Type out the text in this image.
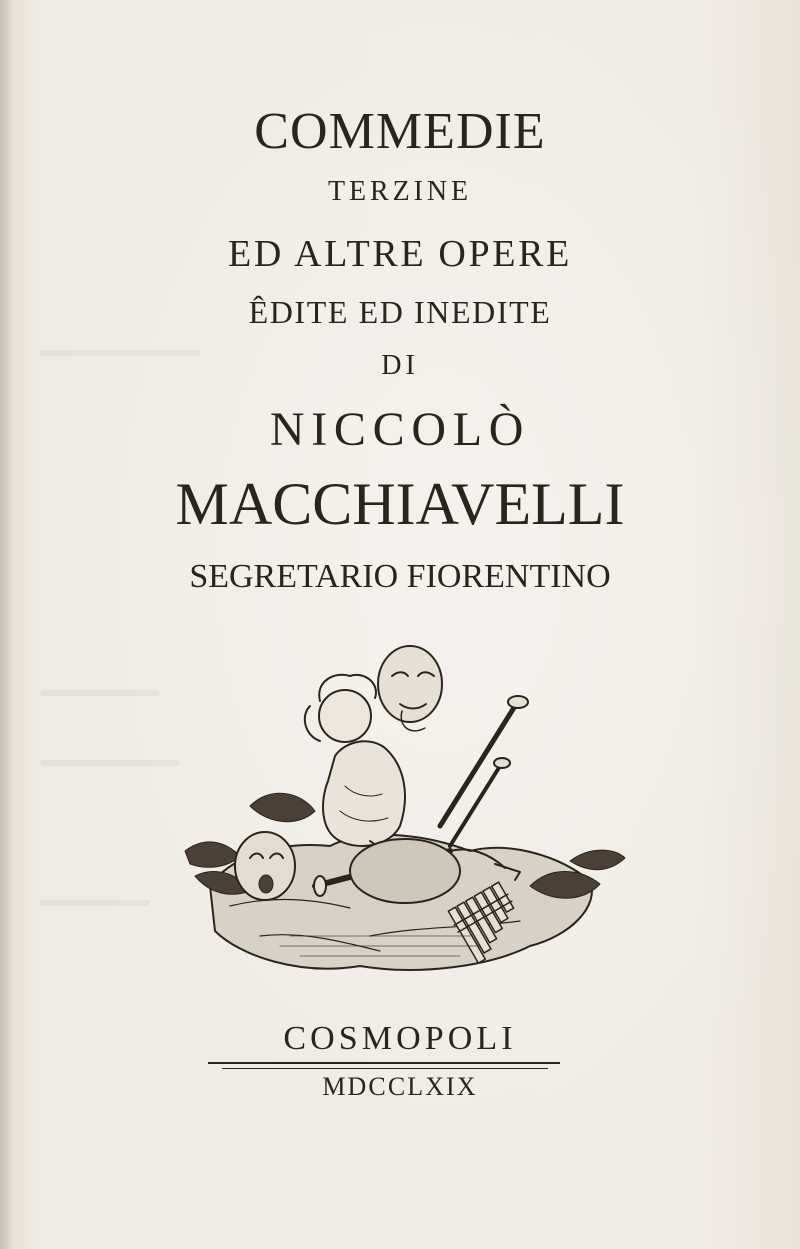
COMMEDIE
TERZINE
ED ALTRE OPERE
ÊDITE ED INEDITE
DI
NICCOLÒ
MACCHIAVELLI
SEGRETARIO FIORENTINO
COSMOPOLI
MDCCLXIX
